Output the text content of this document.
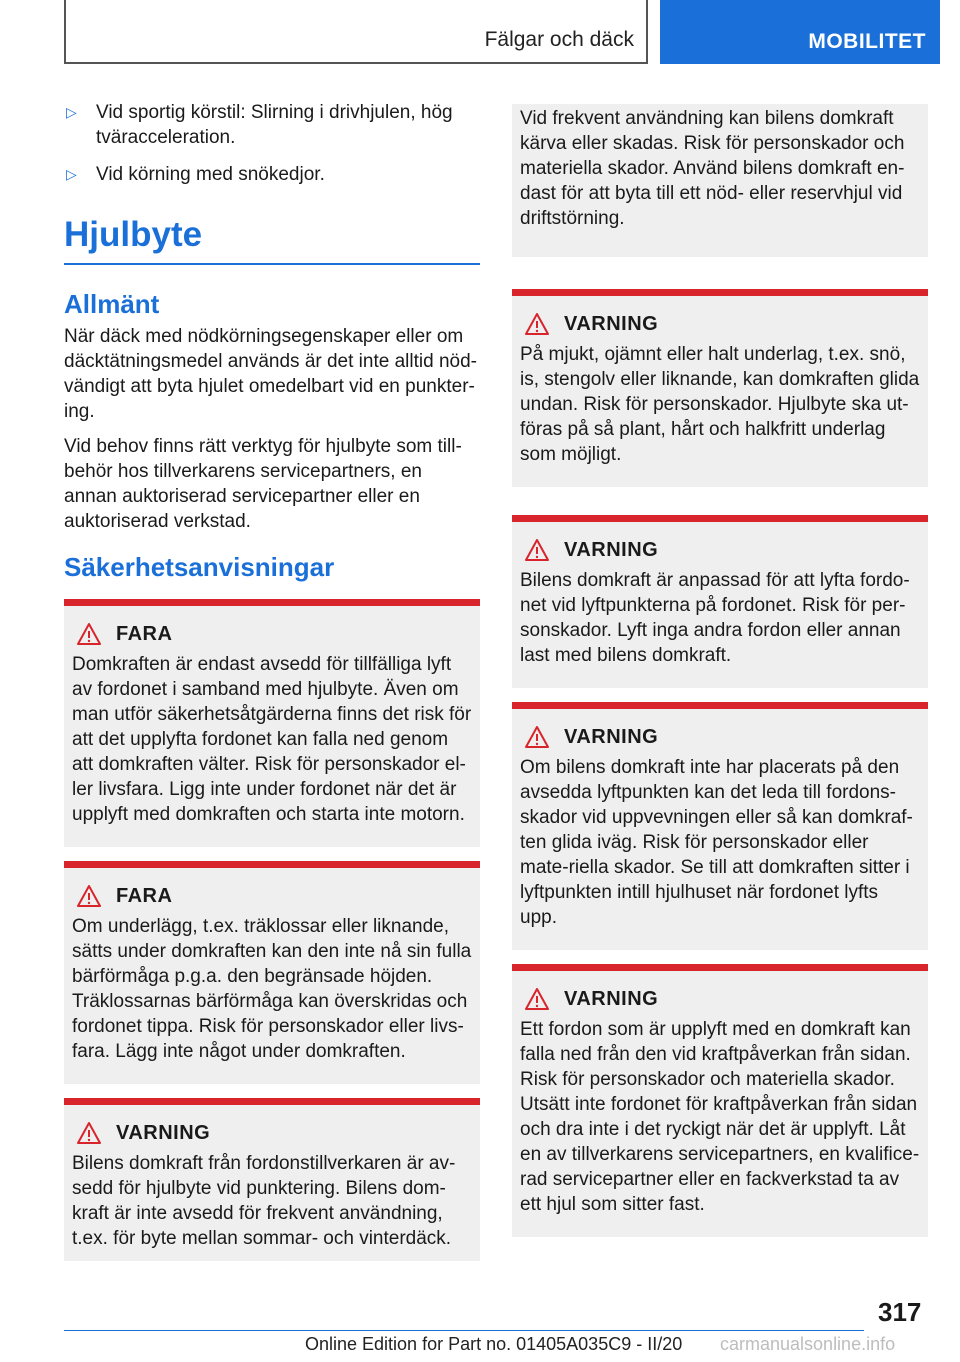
Fälgar och däck	MOBILITET
▷	Vid sportig körstil: Slirning i drivhjulen, hög tväracceleration.
▷	Vid körning med snökedjor.
Hjulbyte
Allmänt

När däck med nödkörningsegenskaper eller om däcktätningsmedel används är det inte alltid nöd-vändigt att byta hjulet omedelbart vid en punkter-ing.

Vid behov finns rätt verktyg för hjulbyte som till-behör hos tillverkarens servicepartners, en annan auktoriserad servicepartner eller en auktoriserad verkstad.

Säkerhetsanvisningar
FARA

Domkraften är endast avsedd för tillfälliga lyft av fordonet i samband med hjulbyte. Även om man utför säkerhetsåtgärderna finns det risk för att det upplyfta fordonet kan falla ned genom att domkraften välter. Risk för personskador el-ler livsfara. Ligg inte under fordonet när det är upplyft med domkraften och starta inte motorn.

FARA

Om underlägg, t.ex. träklossar eller liknande, sätts under domkraften kan den inte nå sin fulla bärförmåga p.g.a. den begränsade höjden. Träklossarnas bärförmåga kan överskridas och fordonet tippa. Risk för personskador eller livs-fara. Lägg inte något under domkraften.

VARNING

Bilens domkraft från fordonstillverkaren är av-sedd för hjulbyte vid punktering. Bilens dom-kraft är inte avsedd för frekvent användning, t.ex. för byte mellan sommar- och vinterdäck.

Vid frekvent användning kan bilens domkraft kärva eller skadas. Risk för personskador och materiella skador. Använd bilens domkraft en-dast för att byta till ett nöd- eller reservhjul vid driftstörning.

VARNING

På mjukt, ojämnt eller halt underlag, t.ex. snö, is, stengolv eller liknande, kan domkraften glida undan. Risk för personskador. Hjulbyte ska ut-föras på så plant, hårt och halkfritt underlag som möjligt.

VARNING

Bilens domkraft är anpassad för att lyfta fordo-net vid lyftpunkterna på fordonet. Risk för per-sonskador. Lyft inga andra fordon eller annan last med bilens domkraft.

VARNING

Om bilens domkraft inte har placerats på den avsedda lyftpunkten kan det leda till fordons-skador vid uppvevningen eller så kan domkraf-ten glida iväg. Risk för personskador eller mate-riella skador. Se till att domkraften sitter i lyftpunkten intill hjulhuset när fordonet lyfts upp.

VARNING

Ett fordon som är upplyft med en domkraft kan falla ned från den vid kraftpåverkan från sidan. Risk för personskador och materiella skador. Utsätt inte fordonet för kraftpåverkan från sidan och dra inte i det ryckigt när det är upplyft. Låt en av tillverkarens servicepartners, en kvalifice-rad servicepartner eller en fackverkstad ta av ett hjul som sitter fast.

317
Online Edition for Part no. 01405A035C9 - II/20 carmanualsonline.info
